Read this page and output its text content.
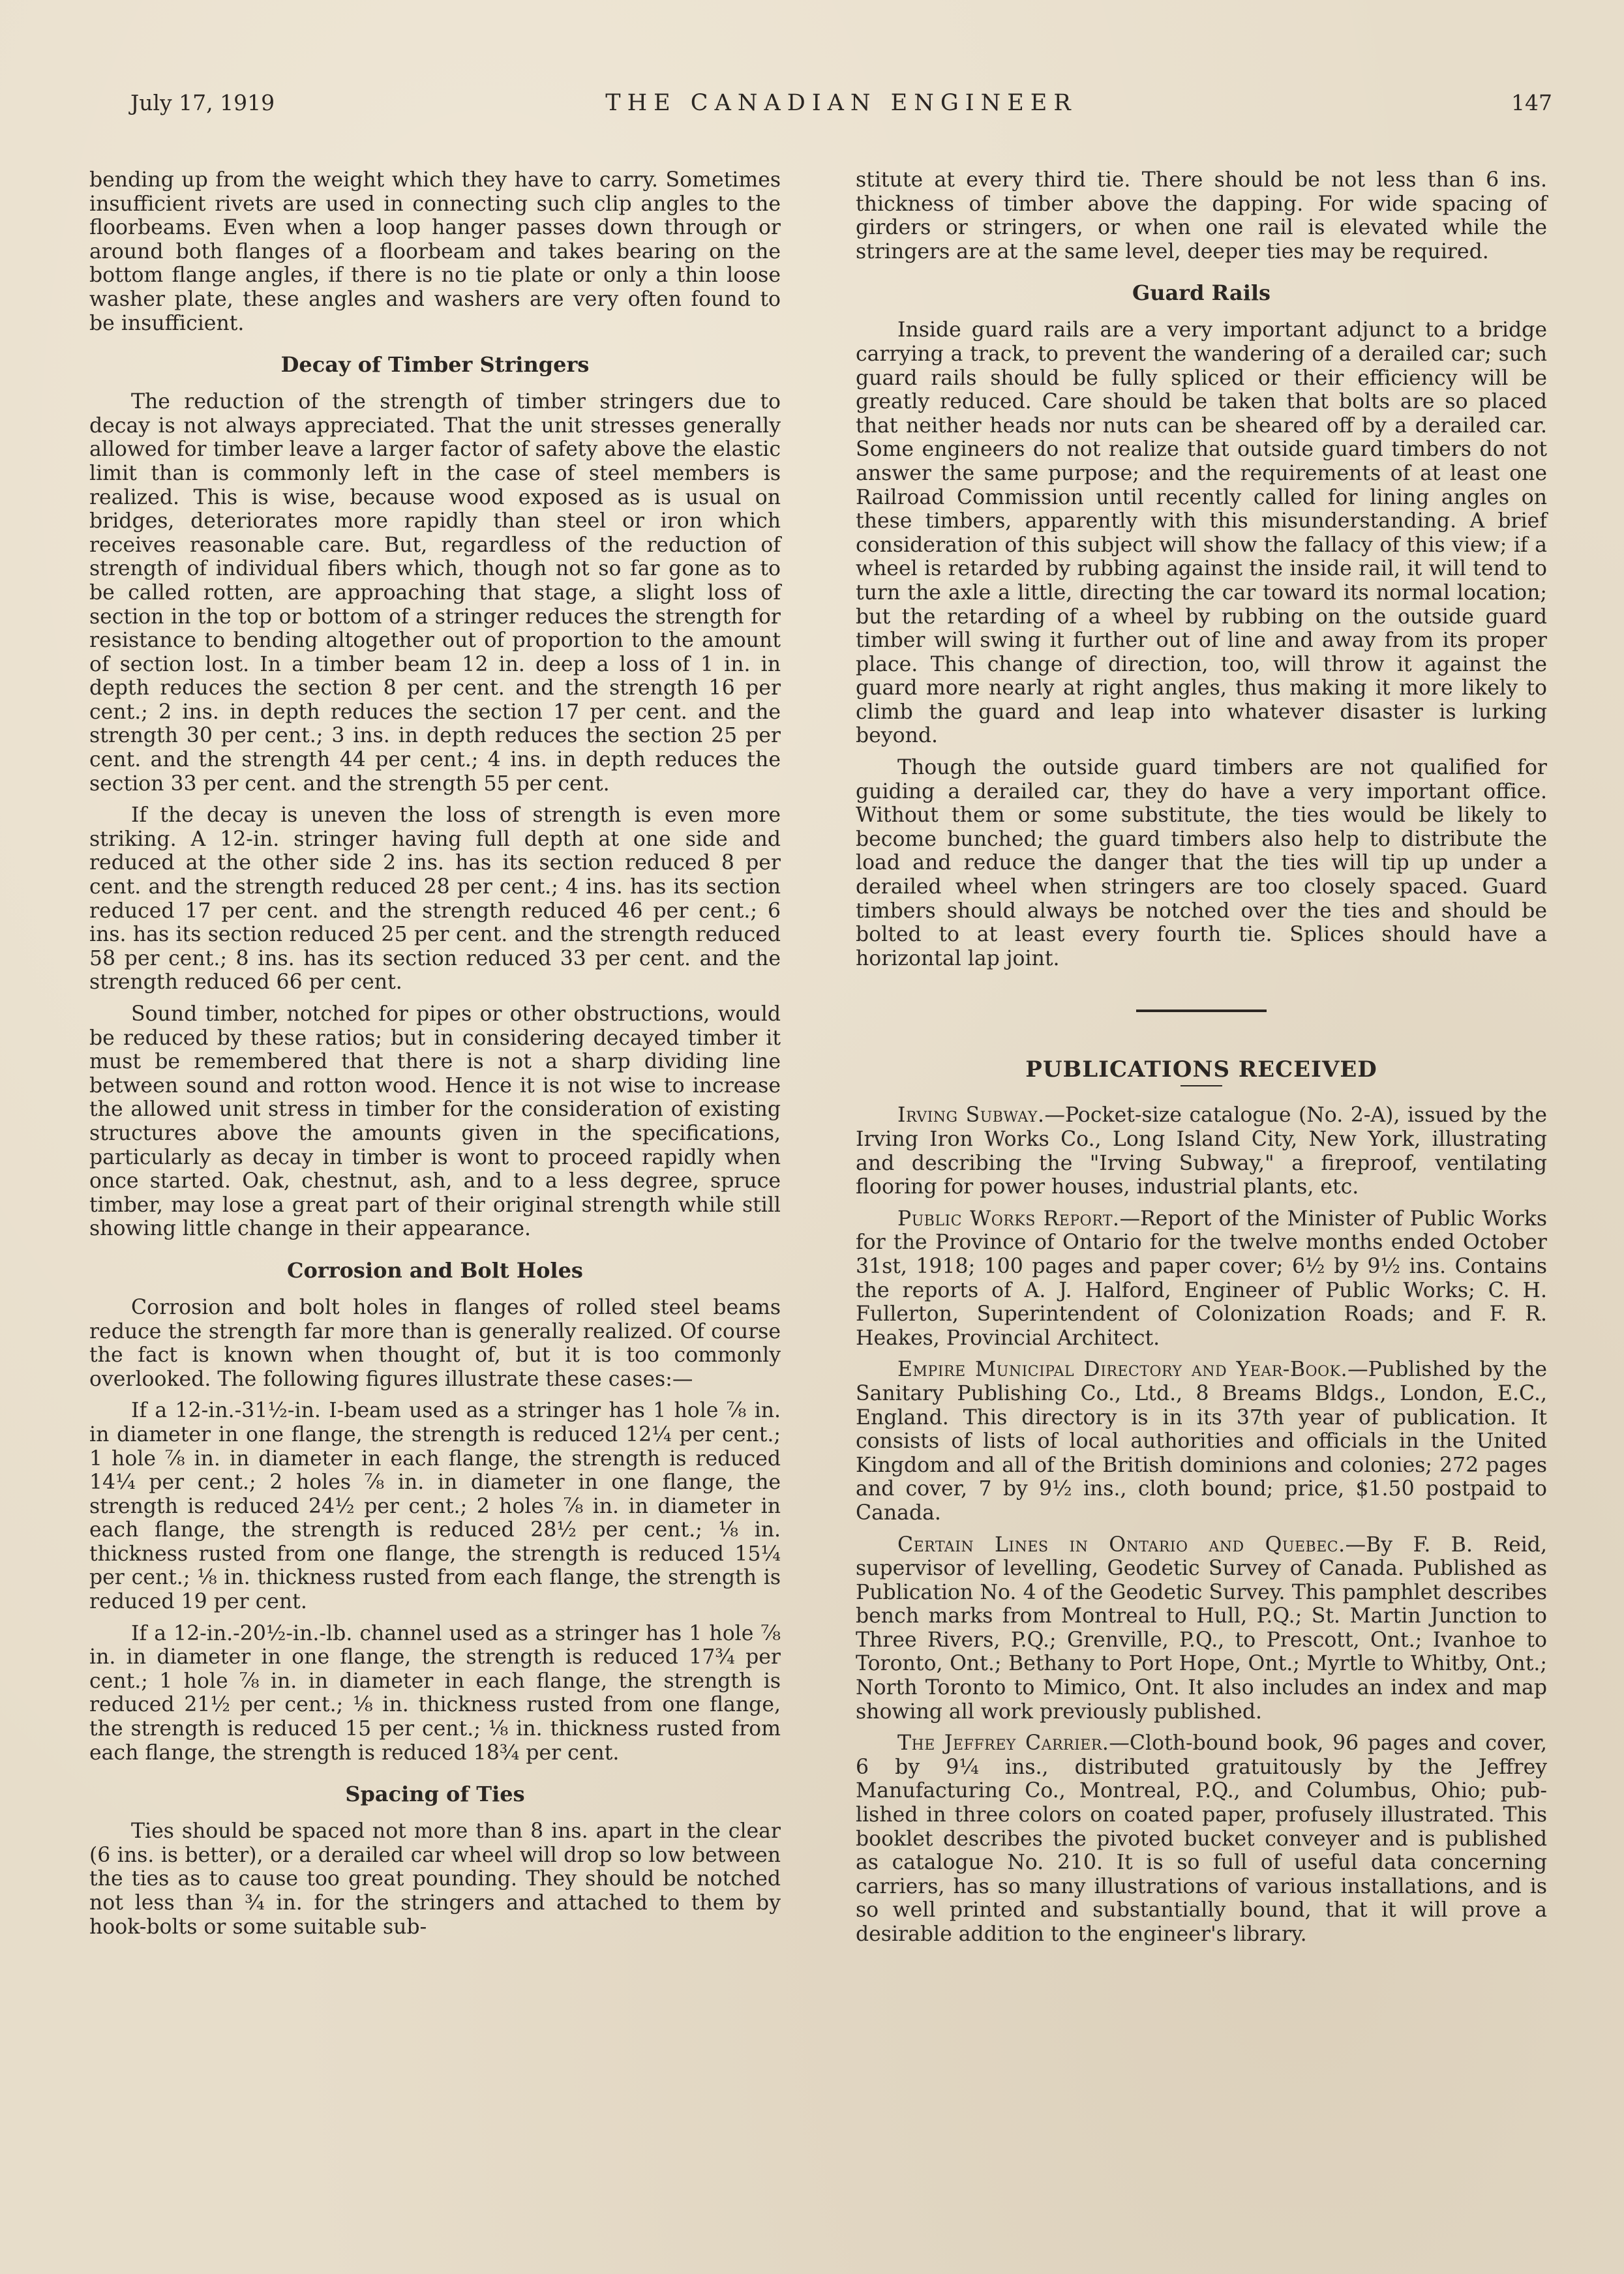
July 17, 1919	THE CANADIAN ENGINEER	147

bending up from the weight which they have to carry. Sometimes insufficient rivets are used in connecting such clip angles to the floorbeams. Even when a loop hanger passes down through or around both flanges of a floorbeam and takes bearing on the bottom flange angles, if there is no tie plate or only a thin loose washer plate, these angles and washers are very often found to be insufficient.

Decay of Timber Stringers

The reduction of the strength of timber stringers due to decay is not always appreciated. That the unit stresses generally allowed for timber leave a larger factor of safety above the elastic limit than is commonly left in the case of steel members is realized. This is wise, because wood exposed as is usual on bridges, deteriorates more rapidly than steel or iron which receives reasonable care. But, regardless of the reduction of strength of individual fibers which, though not so far gone as to be called rotten, are approaching that stage, a slight loss of section in the top or bottom of a stringer reduces the strength for resistance to bending altogether out of proportion to the amount of section lost. In a timber beam 12 in. deep a loss of 1 in. in depth reduces the section 8 per cent. and the strength 16 per cent.; 2 ins. in depth reduces the section 17 per cent. and the strength 30 per cent.; 3 ins. in depth reduces the section 25 per cent. and the strength 44 per cent.; 4 ins. in depth reduces the section 33 per cent. and the strength 55 per cent.

If the decay is uneven the loss of strength is even more striking. A 12-in. stringer having full depth at one side and reduced at the other side 2 ins. has its section reduced 8 per cent. and the strength reduced 28 per cent.; 4 ins. has its section reduced 17 per cent. and the strength reduced 46 per cent.; 6 ins. has its section reduced 25 per cent. and the strength reduced 58 per cent.; 8 ins. has its section reduced 33 per cent. and the strength reduced 66 per cent.

Sound timber, notched for pipes or other obstructions, would be reduced by these ratios; but in considering decayed timber it must be remembered that there is not a sharp dividing line between sound and rotton wood. Hence it is not wise to increase the allowed unit stress in timber for the consideration of existing structures above the amounts given in the specifications, particularly as decay in timber is wont to proceed rapidly when once started. Oak, chestnut, ash, and to a less degree, spruce timber, may lose a great part of their original strength while still showing little change in their appearance.

Corrosion and Bolt Holes

Corrosion and bolt holes in flanges of rolled steel beams reduce the strength far more than is generally realized. Of course the fact is known when thought of, but it is too commonly overlooked. The following figures illustrate these cases:—

If a 12-in.-31½-in. I-beam used as a stringer has 1 hole ⅞ in. in diameter in one flange, the strength is reduced 12¼ per cent.; 1 hole ⅞ in. in diameter in each flange, the strength is reduced 14¼ per cent.; 2 holes ⅞ in. in diameter in one flange, the strength is reduced 24½ per cent.; 2 holes ⅞ in. in diameter in each flange, the strength is reduced 28½ per cent.; ⅛ in. thickness rusted from one flange, the strength is reduced 15¼ per cent.; ⅛ in. thickness rusted from each flange, the strength is reduced 19 per cent.

If a 12-in.-20½-in.-lb. channel used as a stringer has 1 hole ⅞ in. in diameter in one flange, the strength is reduced 17¾ per cent.; 1 hole ⅞ in. in diameter in each flange, the strength is reduced 21½ per cent.; ⅛ in. thickness rusted from one flange, the strength is reduced 15 per cent.; ⅛ in. thickness rusted from each flange, the strength is reduced 18¾ per cent.

Spacing of Ties

Ties should be spaced not more than 8 ins. apart in the clear (6 ins. is better), or a derailed car wheel will drop so low between the ties as to cause too great pounding. They should be notched not less than ¾ in. for the stringers and attached to them by hook-bolts or some suitable sub-

stitute at every third tie. There should be not less than 6 ins. thickness of timber above the dapping. For wide spacing of girders or stringers, or when one rail is elevated while the stringers are at the same level, deeper ties may be required.

Guard Rails

Inside guard rails are a very important adjunct to a bridge carrying a track, to prevent the wandering of a derailed car; such guard rails should be fully spliced or their efficiency will be greatly reduced. Care should be taken that bolts are so placed that neither heads nor nuts can be sheared off by a derailed car. Some engineers do not realize that outside guard timbers do not answer the same purpose; and the requirements of at least one Railroad Commission until recently called for lining angles on these timbers, apparently with this misunderstanding. A brief consideration of this subject will show the fallacy of this view; if a wheel is retarded by rubbing against the inside rail, it will tend to turn the axle a little, directing the car toward its normal location; but the retarding of a wheel by rubbing on the outside guard timber will swing it further out of line and away from its proper place. This change of direction, too, will throw it against the guard more nearly at right angles, thus making it more likely to climb the guard and leap into whatever disaster is lurking beyond.

Though the outside guard timbers are not qualified for guiding a derailed car, they do have a very important office. Without them or some substitute, the ties would be likely to become bunched; the guard timbers also help to distribute the load and reduce the danger that the ties will tip up under a derailed wheel when stringers are too closely spaced. Guard timbers should always be notched over the ties and should be bolted to at least every fourth tie. Splices should have a horizontal lap joint.

PUBLICATIONS RECEIVED

Irving Subway.—Pocket-size catalogue (No. 2-A), issued by the Irving Iron Works Co., Long Island City, New York, illustrating and describing the "Irving Subway," a fireproof, ventilating flooring for power houses, industrial plants, etc.

Public Works Report.—Report of the Minister of Public Works for the Province of Ontario for the twelve months ended October 31st, 1918; 100 pages and paper cover; 6½ by 9½ ins. Contains the reports of A. J. Halford, Engineer of Public Works; C. H. Fullerton, Superintendent of Colonization Roads; and F. R. Heakes, Provincial Architect.

Empire Municipal Directory and Year-Book.—Published by the Sanitary Publishing Co., Ltd., 8 Breams Bldgs., London, E.C., England. This directory is in its 37th year of publication. It consists of lists of local authorities and officials in the United Kingdom and all of the British dominions and colonies; 272 pages and cover, 7 by 9½ ins., cloth bound; price, $1.50 postpaid to Canada.

Certain Lines in Ontario and Quebec.—By F. B. Reid, supervisor of levelling, Geodetic Survey of Canada. Published as Publication No. 4 of the Geodetic Survey. This pamphlet describes bench marks from Montreal to Hull, P.Q.; St. Martin Junction to Three Rivers, P.Q.; Grenville, P.Q., to Prescott, Ont.; Ivanhoe to Toronto, Ont.; Bethany to Port Hope, Ont.; Myrtle to Whitby, Ont.; North Toronto to Mimico, Ont. It also includes an index and map showing all work previously published.

The Jeffrey Carrier.—Cloth-bound book, 96 pages and cover, 6 by 9¼ ins., distributed gratuitously by the Jeffrey Manufacturing Co., Montreal, P.Q., and Columbus, Ohio; published in three colors on coated paper, profusely illustrated. This booklet describes the pivoted bucket conveyer and is published as catalogue No. 210. It is so full of useful data concerning carriers, has so many illustrations of various installations, and is so well printed and substantially bound, that it will prove a desirable addition to the engineer's library.
